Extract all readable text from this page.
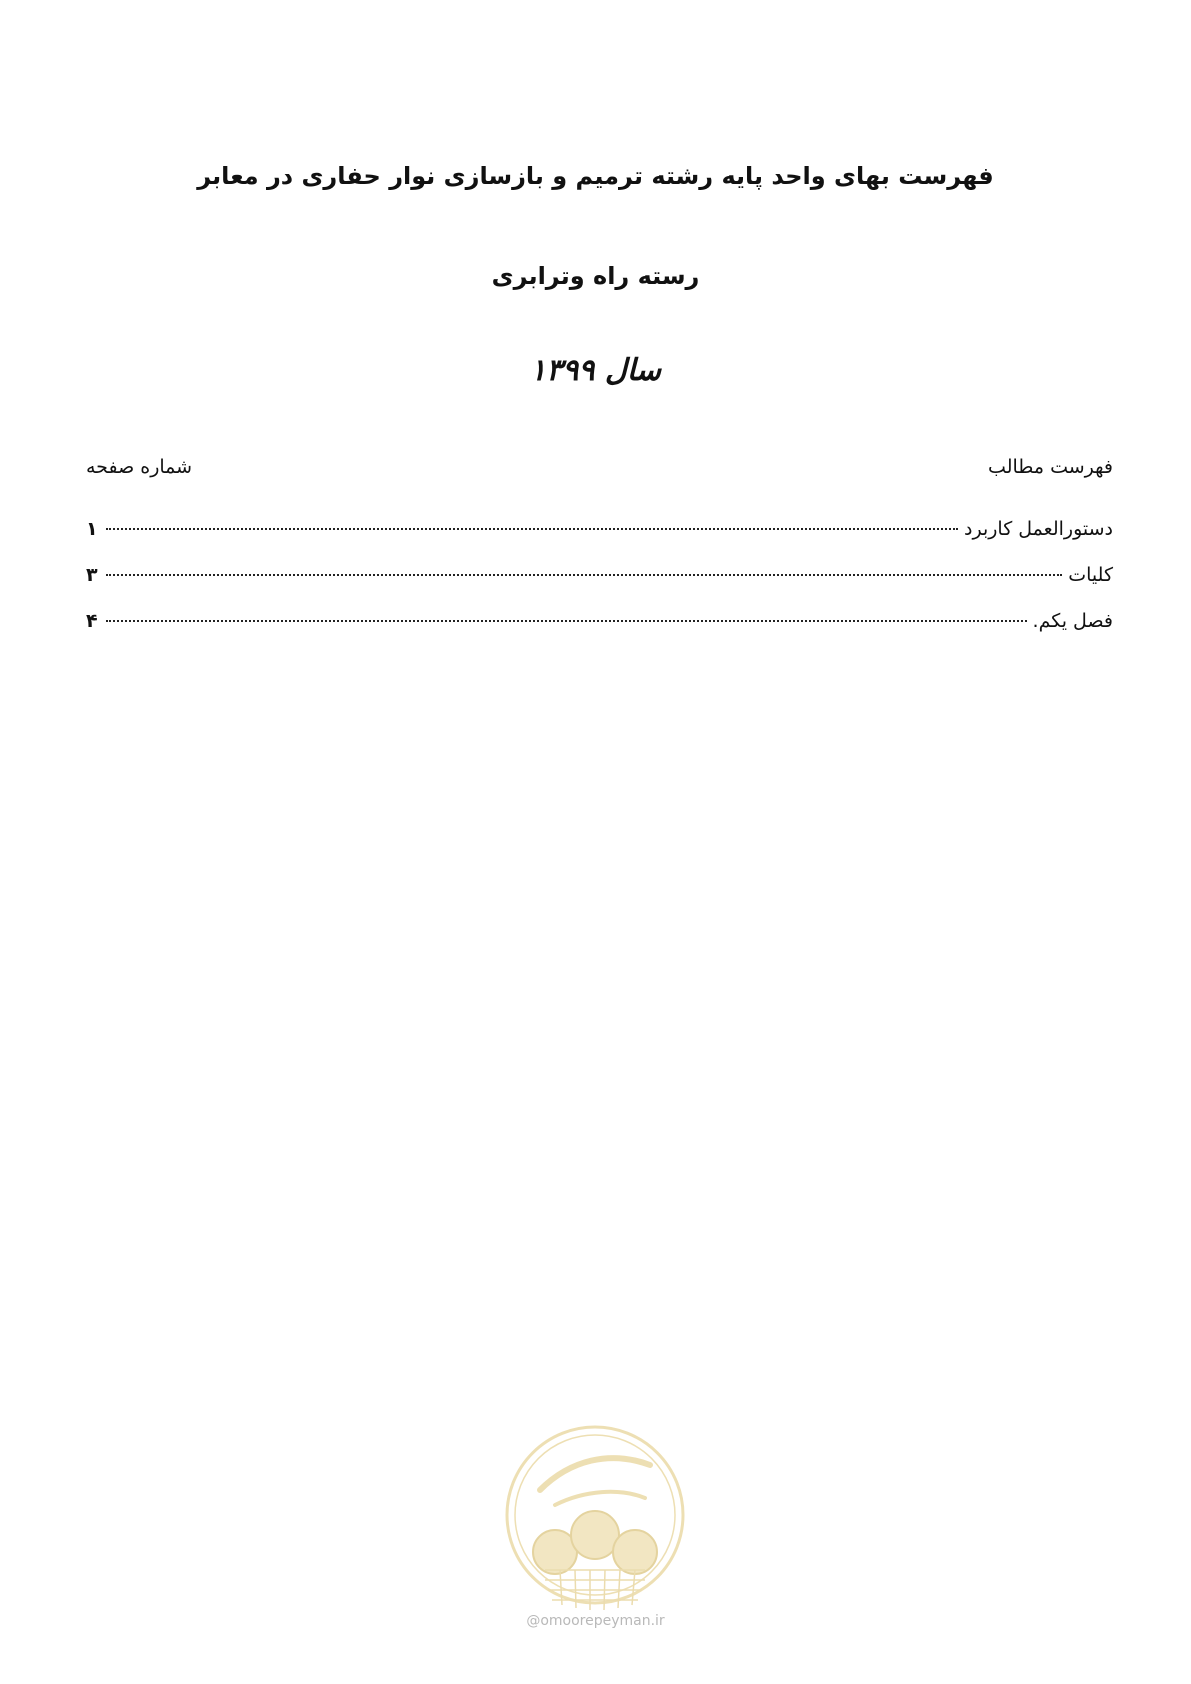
فهرست بهای واحد پایه رشته ترمیم و بازسازی نوار حفاری در معابر
رسته راه وترابری
سال ۱۳۹۹
فهرست مطالب
شماره صفحه
دستورالعمل کاربرد
۱
کلیات
۳
فصل یکم.
۴
@omoorepeyman.ir
